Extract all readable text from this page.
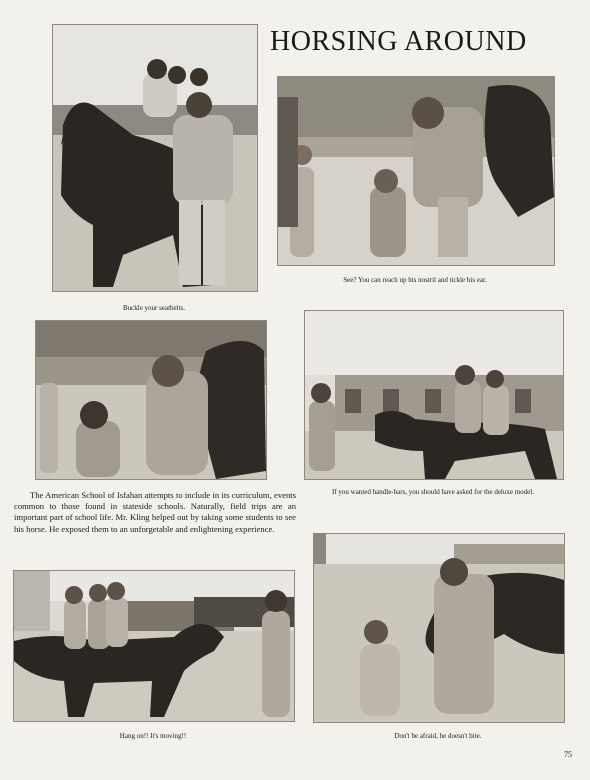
HORSING AROUND
Buckle your seatbelts.
See? You can reach up his nostril and tickle his ear.
If you wanted handle-bars, you should have asked for the deluxe model.
The American School of Isfahan attempts to include in its curriculum, events common to those found in stateside schools. Naturally, field trips are an important part of school life. Mr. Kling helped out by taking some students to see his horse. He exposed them to an unforgetable and enlightening experience.
Hang on!! It's moving!!	Don't be afraid, he doesn't bite.
75
